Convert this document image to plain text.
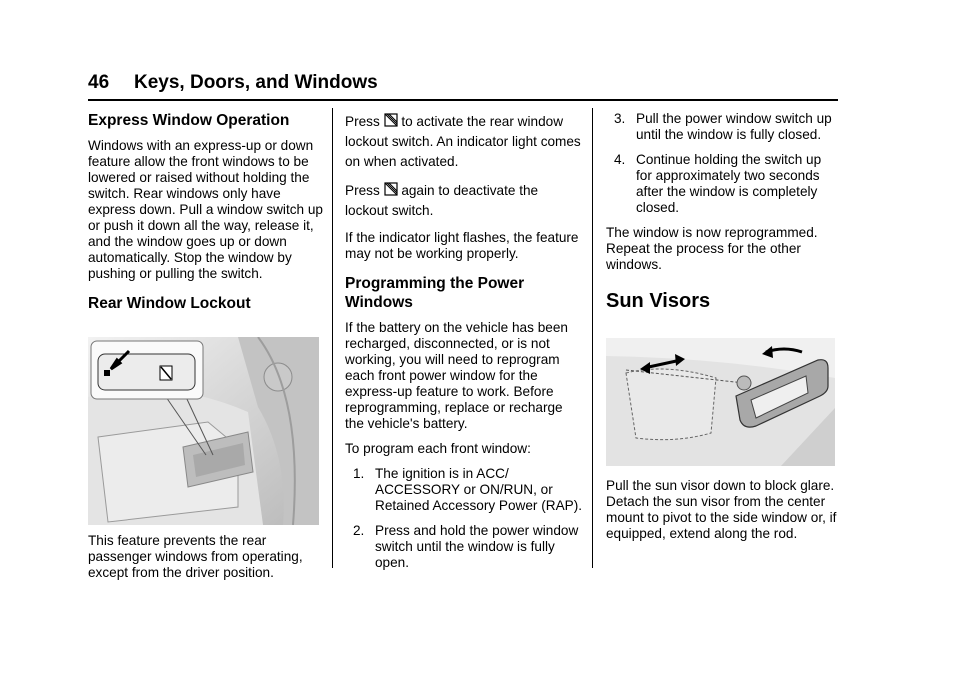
46 Keys, Doors, and Windows
Express Window Operation

Windows with an express-up or down feature allow the front windows to be lowered or raised without holding the switch. Rear windows only have express down. Pull a window switch up or push it down all the way, release it, and the window goes up or down automatically. Stop the window by pushing or pulling the switch.

Rear Window Lockout

This feature prevents the rear passenger windows from operating, except from the driver position.

Press to activate the rear window lockout switch. An indicator light comes on when activated.

Press again to deactivate the lockout switch.

If the indicator light flashes, the feature may not be working properly.

Programming the Power Windows

If the battery on the vehicle has been recharged, disconnected, or is not working, you will need to reprogram each front power window for the express-up feature to work. Before reprogramming, replace or recharge the vehicle's battery.

To program each front window:

1. The ignition is in ACC/ ACCESSORY or ON/RUN, or Retained Accessory Power (RAP).
2. Press and hold the power window switch until the window is fully open.
3. Pull the power window switch up until the window is fully closed.
4. Continue holding the switch up for approximately two seconds after the window is completely closed.

The window is now reprogrammed. Repeat the process for the other windows.

Sun Visors

Pull the sun visor down to block glare. Detach the sun visor from the center mount to pivot to the side window or, if equipped, extend along the rod.
